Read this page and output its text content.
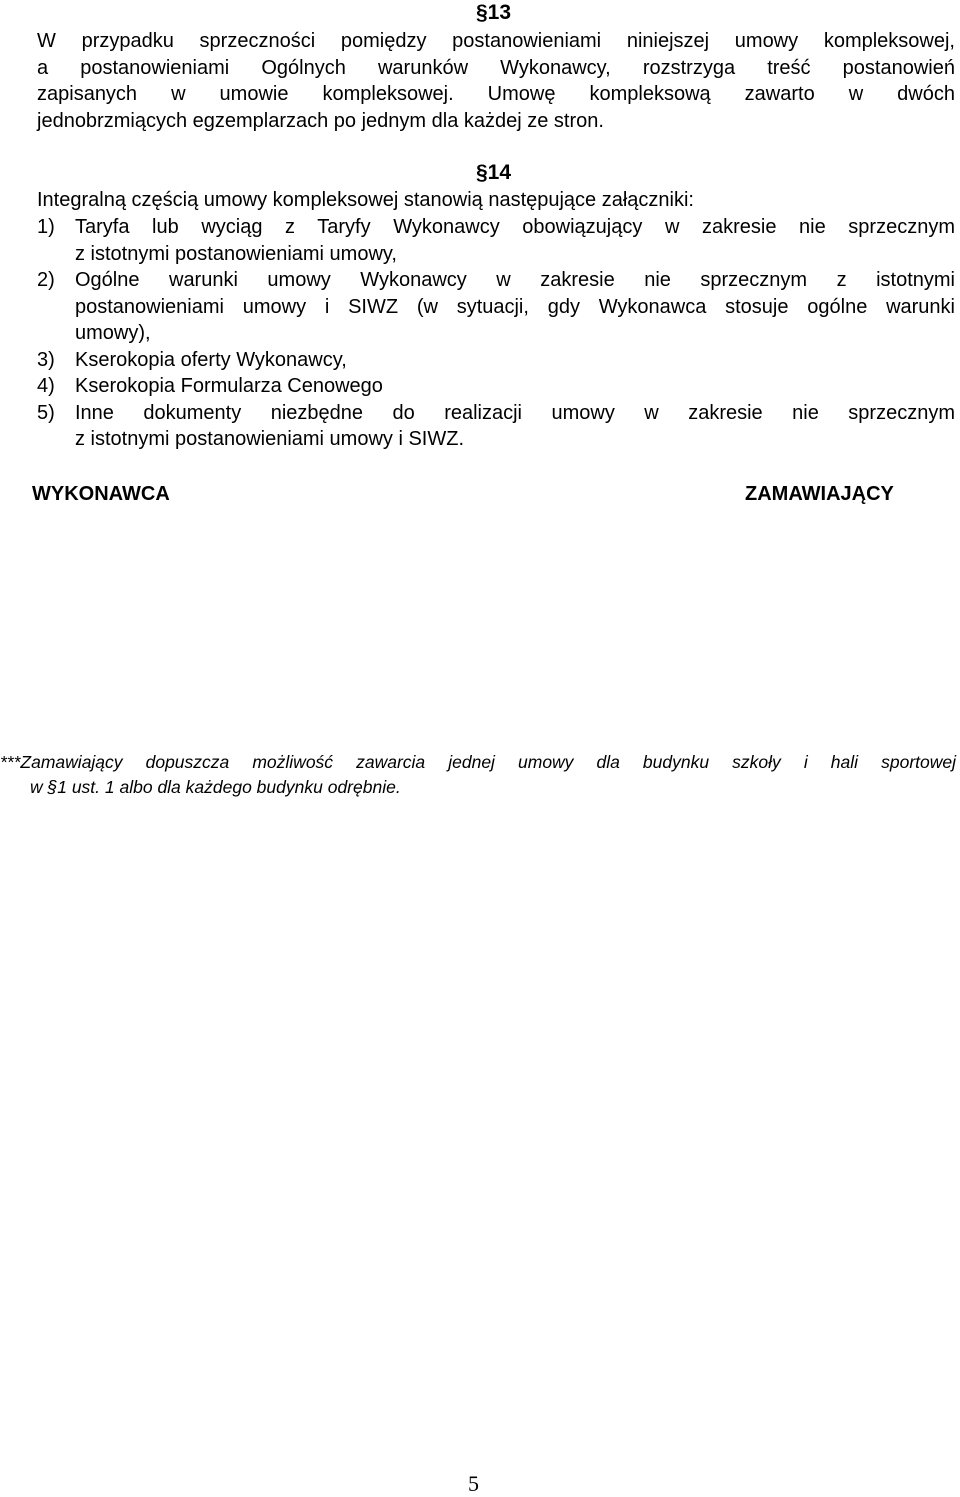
§13
W przypadku sprzeczności pomiędzy postanowieniami niniejszej umowy kompleksowej,
a postanowieniami Ogólnych warunków Wykonawcy, rozstrzyga treść postanowień
zapisanych w umowie kompleksowej. Umowę kompleksową zawarto w dwóch
jednobrzmiących egzemplarzach po jednym dla każdej ze stron.
§14
Integralną częścią umowy kompleksowej stanowią następujące załączniki:
1) Taryfa lub wyciąg z Taryfy Wykonawcy obowiązujący w zakresie nie sprzecznym
z istotnymi postanowieniami umowy,
2) Ogólne warunki umowy Wykonawcy w zakresie nie sprzecznym z istotnymi
postanowieniami umowy i SIWZ (w sytuacji, gdy Wykonawca stosuje ogólne warunki
umowy),
3) Kserokopia oferty Wykonawcy,
4) Kserokopia Formularza Cenowego
5) Inne dokumenty niezbędne do realizacji umowy w zakresie nie sprzecznym
z istotnymi postanowieniami umowy i SIWZ.
WYKONAWCA	ZAMAWIAJĄCY
***Zamawiający dopuszcza możliwość zawarcia jednej umowy dla budynku szkoły i hali sportowej
w §1 ust. 1 albo dla każdego budynku odrębnie.
5
